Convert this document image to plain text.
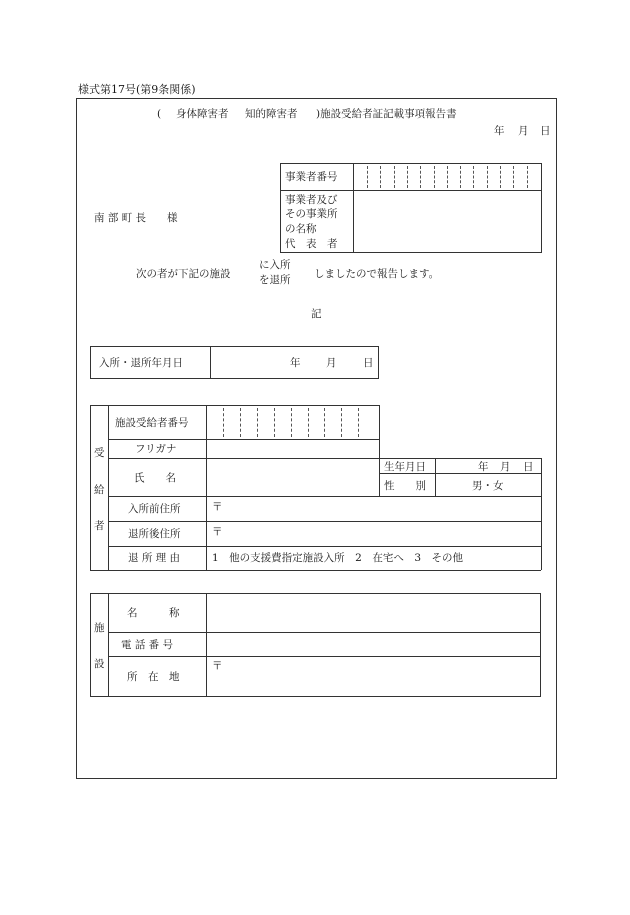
様式第17号(第9条関係)
( 身体障害者 知的障害者 )施設受給者証記載事項報告書
年 月 日
南 部 町 長　　様
事業者番号
事業者及び
その事業所
の名称
代　表　者
次の者が下記の施設
に入所
を退所 しましたので報告します。
記
入所・退所年月日	年 月	日
受
給
者
施設受給者番号
フリガナ
氏　　名
生年月日	年 月 日
性　　別	男・女
入所前住所	〒
退所後住所	〒
退 所 理 由	1　他の支援費指定施設入所　2　在宅へ　3　その他
施
設
名　　　称
電 話 番 号
所　在　地
〒
